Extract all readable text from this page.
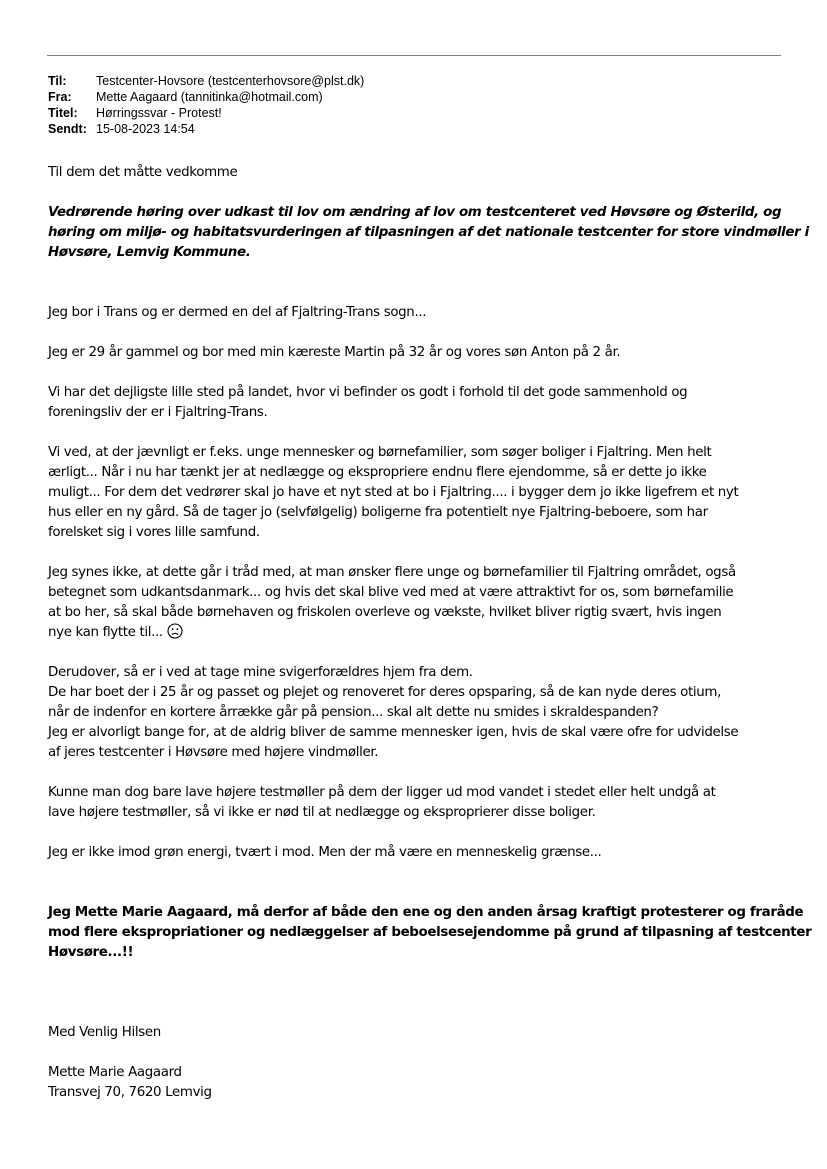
Til:	Testcenter-Hovsore (testcenterhovsore@plst.dk)
Fra:	Mette Aagaard (tannitinka@hotmail.com)
Titel:	Hørringssvar - Protest!
Sendt: 15-08-2023 14:54

Til dem det måtte vedkomme

Vedrørende høring over udkast til lov om ændring af lov om testcenteret ved Høvsøre og Østerild, og
høring om miljø- og habitatsvurderingen af tilpasningen af det nationale testcenter for store vindmøller i
Høvsøre, Lemvig Kommune.

Jeg bor i Trans og er dermed en del af Fjaltring-Trans sogn...

Jeg er 29 år gammel og bor med min kæreste Martin på 32 år og vores søn Anton på 2 år.

Vi har det dejligste lille sted på landet, hvor vi befinder os godt i forhold til det gode sammenhold og
foreningsliv der er i Fjaltring-Trans.

Vi ved, at der jævnligt er f.eks. unge mennesker og børnefamilier, som søger boliger i Fjaltring. Men helt
ærligt... Når i nu har tænkt jer at nedlægge og ekspropriere endnu flere ejendomme, så er dette jo ikke
muligt... For dem det vedrører skal jo have et nyt sted at bo i Fjaltring.... i bygger dem jo ikke ligefrem et nyt
hus eller en ny gård. Så de tager jo (selvfølgelig) boligerne fra potentielt nye Fjaltring-beboere, som har
forelsket sig i vores lille samfund.

Jeg synes ikke, at dette går i tråd med, at man ønsker flere unge og børnefamilier til Fjaltring området, også
betegnet som udkantsdanmark... og hvis det skal blive ved med at være attraktivt for os, som børnefamilie
at bo her, så skal både børnehaven og friskolen overleve og vækste, hvilket bliver rigtig svært, hvis ingen
nye kan flytte til...

Derudover, så er i ved at tage mine svigerforældres hjem fra dem.
De har boet der i 25 år og passet og plejet og renoveret for deres opsparing, så de kan nyde deres otium,
når de indenfor en kortere årrække går på pension... skal alt dette nu smides i skraldespanden?
Jeg er alvorligt bange for, at de aldrig bliver de samme mennesker igen, hvis de skal være ofre for udvidelse
af jeres testcenter i Høvsøre med højere vindmøller.

Kunne man dog bare lave højere testmøller på dem der ligger ud mod vandet i stedet eller helt undgå at
lave højere testmøller, så vi ikke er nød til at nedlægge og eksproprierer disse boliger.

Jeg er ikke imod grøn energi, tvært i mod. Men der må være en menneskelig grænse...

Jeg Mette Marie Aagaard, må derfor af både den ene og den anden årsag kraftigt protesterer og fraråde
mod flere ekspropriationer og nedlæggelser af beboelsesejendomme på grund af tilpasning af testcenter
Høvsøre...!!

Med Venlig Hilsen

Mette Marie Aagaard
Transvej 70, 7620 Lemvig
